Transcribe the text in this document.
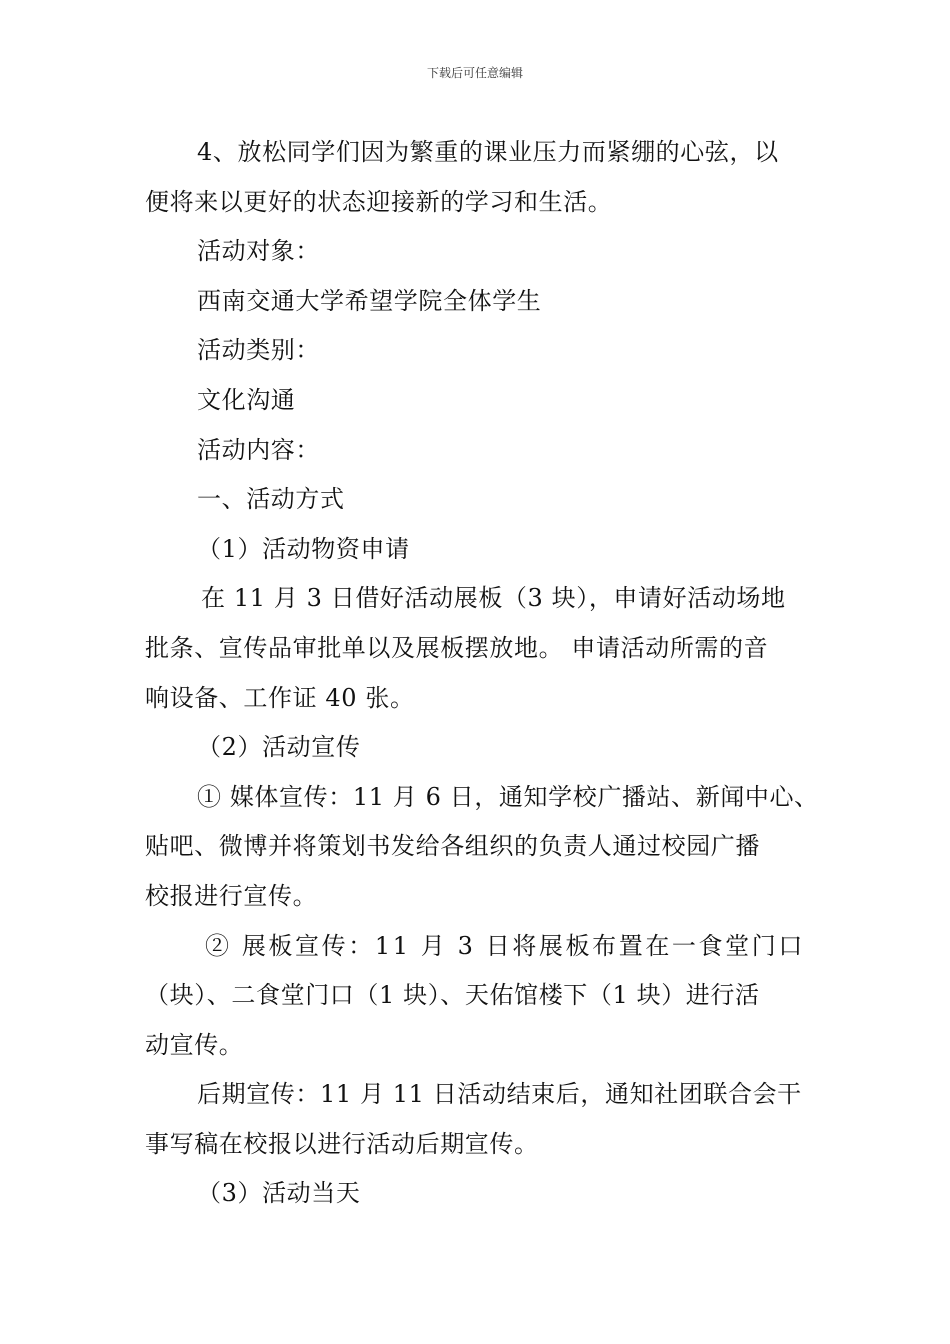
下载后可任意编辑
4、放松同学们因为繁重的课业压力而紧绷的心弦，以
便将来以更好的状态迎接新的学习和生活。
活动对象：
西南交通大学希望学院全体学生
活动类别：
文化沟通
活动内容：
一、活动方式
（1）活动物资申请
在 11 月 3 日借好活动展板（3 块），申请好活动场地
批条、宣传品审批单以及展板摆放地。 申请活动所需的音
响设备、工作证 40 张。
（2）活动宣传
① 媒体宣传：11 月 6 日，通知学校广播站、新闻中心、
贴吧、微博并将策划书发给各组织的负责人通过校园广播
校报进行宣传。
② 展板宣传：11 月 3 日将展板布置在一食堂门口
（块）、二食堂门口（1 块）、天佑馆楼下（1 块）进行活
动宣传。
后期宣传：11 月 11 日活动结束后，通知社团联合会干
事写稿在校报以进行活动后期宣传。
（3）活动当天
